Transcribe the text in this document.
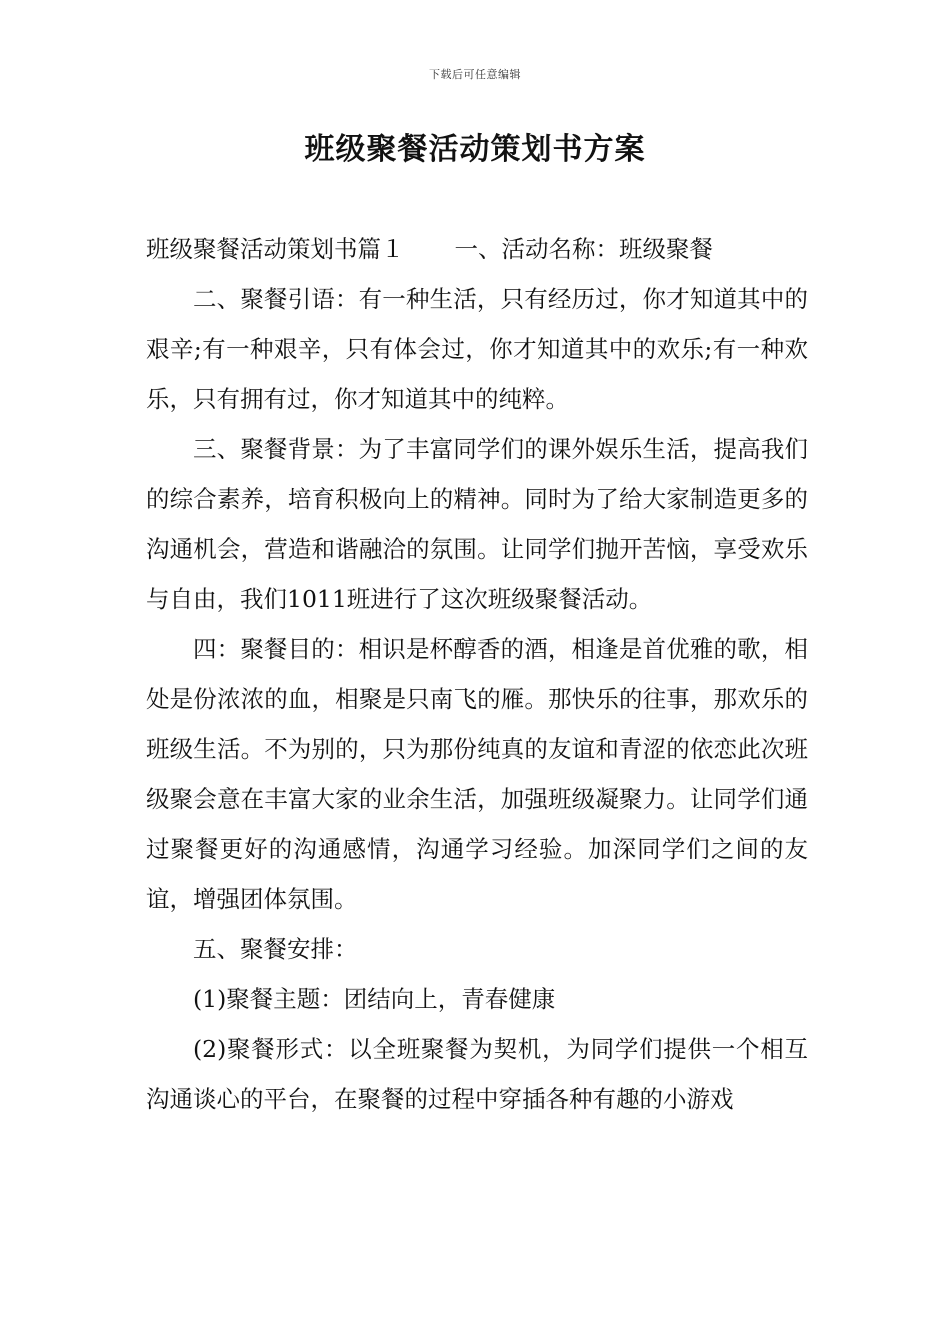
下载后可任意编辑
班级聚餐活动策划书方案

班级聚餐活动策划书篇１ 一、活动名称：班级聚餐

二、聚餐引语：有一种生活，只有经历过，你才知道其中的艰辛;有一种艰辛，只有体会过，你才知道其中的欢乐;有一种欢乐，只有拥有过，你才知道其中的纯粹。

三、聚餐背景：为了丰富同学们的课外娱乐生活，提高我们的综合素养，培育积极向上的精神。同时为了给大家制造更多的沟通机会，营造和谐融洽的氛围。让同学们抛开苦恼，享受欢乐与自由，我们1011班进行了这次班级聚餐活动。

四：聚餐目的：相识是杯醇香的酒，相逢是首优雅的歌，相处是份浓浓的血，相聚是只南飞的雁。那快乐的往事，那欢乐的班级生活。不为别的，只为那份纯真的友谊和青涩的依恋此次班级聚会意在丰富大家的业余生活，加强班级凝聚力。让同学们通过聚餐更好的沟通感情，沟通学习经验。加深同学们之间的友谊，增强团体氛围。

五、聚餐安排：

(1)聚餐主题：团结向上，青春健康

(2)聚餐形式：以全班聚餐为契机，为同学们提供一个相互沟通谈心的平台，在聚餐的过程中穿插各种有趣的小游戏
